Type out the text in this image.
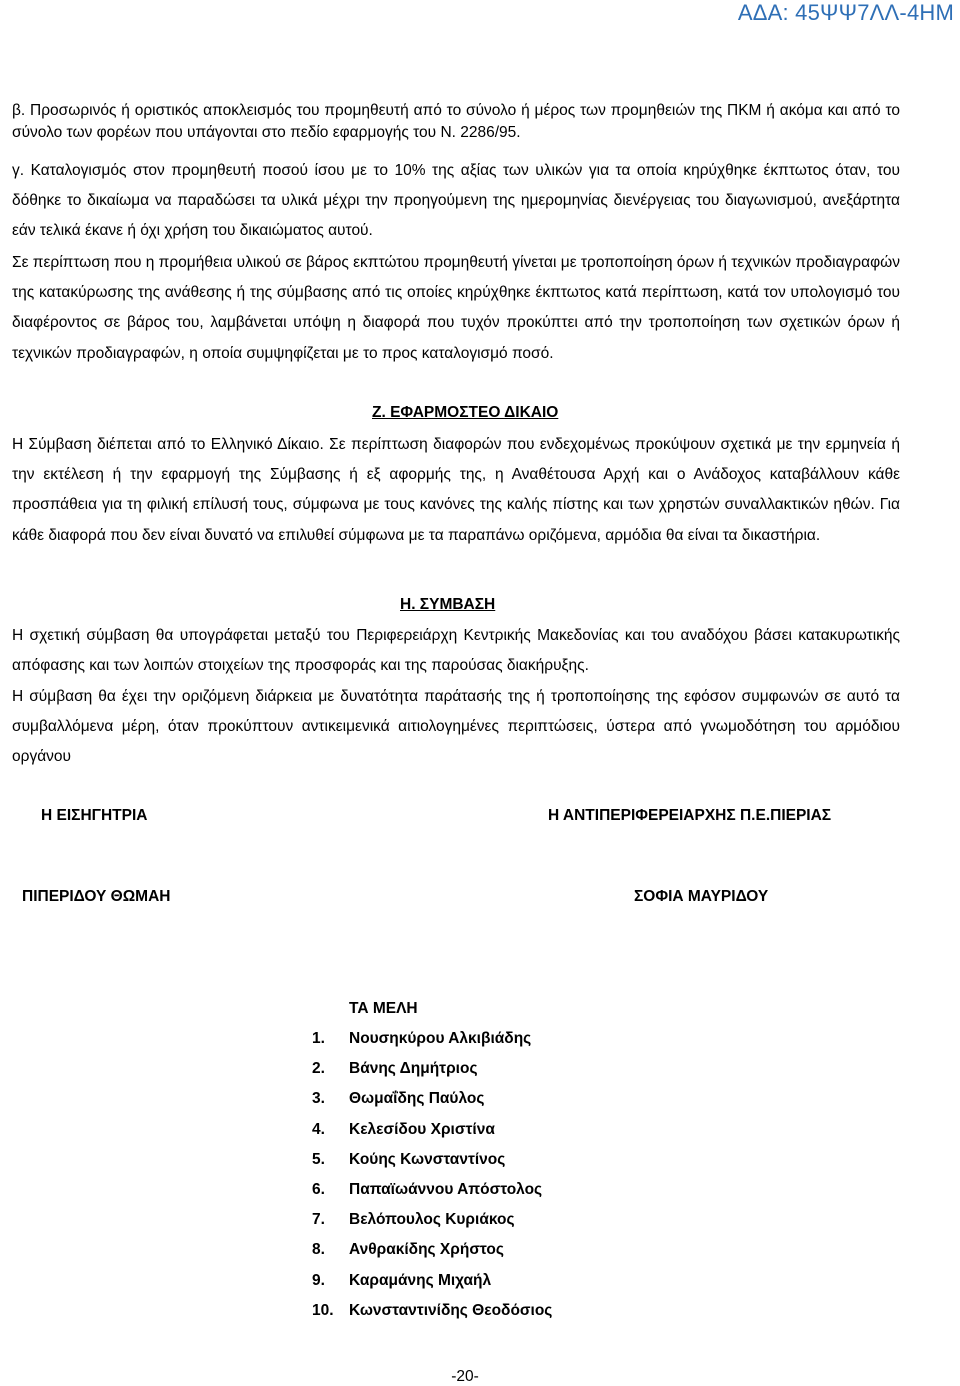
ΑΔΑ: 45ΨΨ7ΛΛ-4ΗΜ
β. Προσωρινός ή οριστικός αποκλεισμός του προμηθευτή από το σύνολο ή μέρος των προμηθειών της ΠΚΜ ή ακόμα και από το σύνολο των φορέων που υπάγονται στο πεδίο εφαρμογής του Ν. 2286/95.
γ. Καταλογισμός στον προμηθευτή ποσού ίσου με το 10% της αξίας των υλικών για τα οποία κηρύχθηκε έκπτωτος όταν, του δόθηκε το δικαίωμα να παραδώσει τα υλικά μέχρι την προηγούμενη της ημερομηνίας διενέργειας του διαγωνισμού, ανεξάρτητα εάν τελικά έκανε ή όχι χρήση του δικαιώματος αυτού.
Σε περίπτωση που η προμήθεια υλικού σε βάρος εκπτώτου προμηθευτή γίνεται με τροποποίηση όρων ή τεχνικών προδιαγραφών της κατακύρωσης της ανάθεσης ή της σύμβασης από τις οποίες κηρύχθηκε έκπτωτος κατά περίπτωση, κατά τον υπολογισμό του διαφέροντος σε βάρος του, λαμβάνεται υπόψη η διαφορά που τυχόν προκύπτει από την τροποποίηση των σχετικών όρων ή τεχνικών προδιαγραφών, η οποία συμψηφίζεται με το προς καταλογισμό ποσό.
Ζ. ΕΦΑΡΜΟΣΤΕΟ ΔΙΚΑΙΟ
Η Σύμβαση διέπεται από το Ελληνικό Δίκαιο. Σε περίπτωση διαφορών που ενδεχομένως προκύψουν σχετικά με την ερμηνεία ή την εκτέλεση ή την εφαρμογή της Σύμβασης ή εξ αφορμής της, η Αναθέτουσα Αρχή και ο Ανάδοχος καταβάλλουν κάθε προσπάθεια για τη φιλική επίλυσή τους, σύμφωνα με τους κανόνες της καλής πίστης και των χρηστών συναλλακτικών ηθών. Για κάθε διαφορά που δεν είναι δυνατό να επιλυθεί σύμφωνα με τα παραπάνω οριζόμενα, αρμόδια θα είναι τα δικαστήρια.
Η. ΣΥΜΒΑΣΗ
Η σχετική σύμβαση θα υπογράφεται μεταξύ του Περιφερειάρχη Κεντρικής Μακεδονίας και του αναδόχου βάσει κατακυρωτικής απόφασης και των λοιπών στοιχείων της προσφοράς και της παρούσας διακήρυξης.
Η σύμβαση θα έχει την οριζόμενη διάρκεια με δυνατότητα παράτασής της ή τροποποίησης της εφόσον συμφωνών σε αυτό τα συμβαλλόμενα μέρη, όταν προκύπτουν αντικειμενικά αιτιολογημένες περιπτώσεις, ύστερα από γνωμοδότηση του αρμόδιου οργάνου
Η ΕΙΣΗΓΗΤΡΙΑ	Η ΑΝΤΙΠΕΡΙΦΕΡΕΙΑΡΧΗΣ Π.Ε.ΠΙΕΡΙΑΣ
ΠΙΠΕΡΙΔΟΥ ΘΩΜΑΗ	ΣΟΦΙΑ ΜΑΥΡΙΔΟΥ
ΤΑ ΜΕΛΗ
1. Νουσηκύρου Αλκιβιάδης
2. Βάνης Δημήτριος
3. Θωμαΐδης Παύλος
4. Κελεσίδου Χριστίνα
5. Κούης Κωνσταντίνος
6. Παπαϊωάννου Απόστολος
7. Βελόπουλος Κυριάκος
8. Ανθρακίδης Χρήστος
9. Καραμάνης Μιχαήλ
10. Κωνσταντινίδης Θεοδόσιος
-20-
